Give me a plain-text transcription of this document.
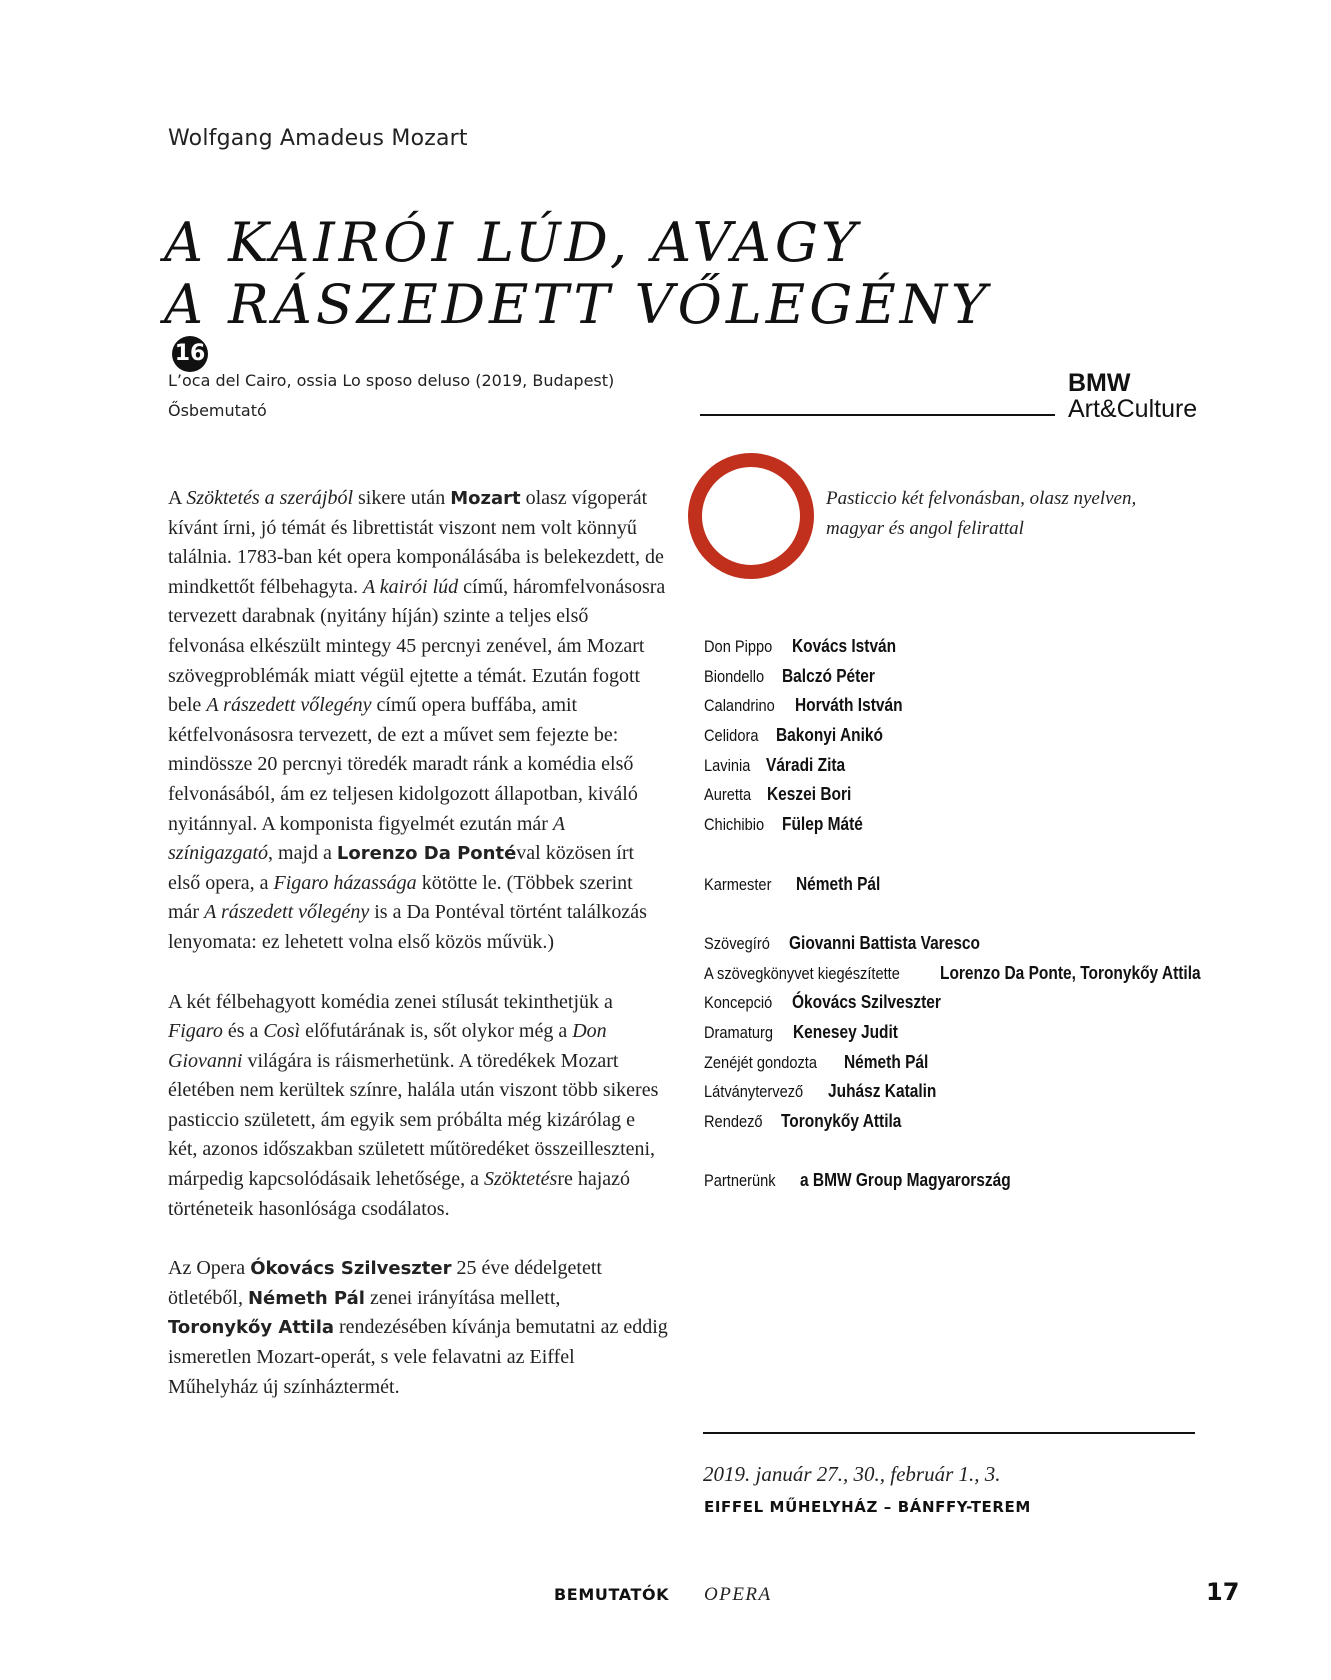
Wolfgang Amadeus Mozart
A KAIRÓI LÚD, AVAGY
A RÁSZEDETT VŐLEGÉNY
16
L’oca del Cairo, ossia Lo sposo deluso (2019, Budapest)
Ősbemutató
BMW
Art&Culture

A Szöktetés a szerájból sikere után Mozart olasz vígoperát kívánt írni, jó témát és librettistát viszont nem volt könnyű találnia. 1783-ban két opera komponálásába is belekezdett, de mindkettőt félbehagyta. A kairói lúd című, háromfelvonásosra tervezett darabnak (nyitány híján) szinte a teljes első felvonása elkészült mintegy 45 percnyi zenével, ám Mozart szövegproblémák miatt végül ejtette a témát. Ezután fogott bele A rászedett vőlegény című opera buffába, amit kétfelvonásosra tervezett, de ezt a művet sem fejezte be: mindössze 20 percnyi töredék maradt ránk a komédia első felvonásából, ám ez teljesen kidolgozott állapotban, kiváló nyitánnyal. A komponista figyelmét ezután már A színigazgató, majd a Lorenzo Da Pontéval közösen írt első opera, a Figaro házassága kötötte le. (Többek szerint már A rászedett vőlegény is a Da Pontéval történt találkozás lenyomata: ez lehetett volna első közös művük.)

A két félbehagyott komédia zenei stílusát tekinthetjük a Figaro és a Così előfutárának is, sőt olykor még a Don Giovanni világára is ráismerhetünk. A töredékek Mozart életében nem kerültek színre, halála után viszont több sikeres pasticcio született, ám egyik sem próbálta még kizárólag e két, azonos időszakban született műtöredéket összeilleszteni, márpedig kapcsolódásaik lehetősége, a Szöktetésre hajazó történeteik hasonlósága csodálatos.

Az Opera Ókovács Szilveszter 25 éve dédelgetett ötletéből, Németh Pál zenei irányítása mellett, Toronykőy Attila rendezésében kívánja bemutatni az eddig ismeretlen Mozart-operát, s vele felavatni az Eiffel Műhelyház új színháztermét.

Pasticcio két felvonásban, olasz nyelven,
magyar és angol felirattal
Don Pippo  Kovács István
Biondello  Balczó Péter
Calandrino  Horváth István
Celidora  Bakonyi Anikó
Lavinia  Váradi Zita
Auretta  Keszei Bori
Chichibio  Fülep Máté
Karmester  Németh Pál
Szövegíró  Giovanni Battista Varesco
A szövegkönyvet kiegészítette  Lorenzo Da Ponte, Toronykőy Attila
Koncepció  Ókovács Szilveszter
Dramaturg  Kenesey Judit
Zenéjét gondozta  Németh Pál
Látványtervező  Juhász Katalin
Rendező  Toronykőy Attila
Partnerünk  a BMW Group Magyarország
2019. január 27., 30., február 1., 3.
EIFFEL MŰHELYHÁZ – BÁNFFY-TEREM
BEMUTATÓK OPERA	17
